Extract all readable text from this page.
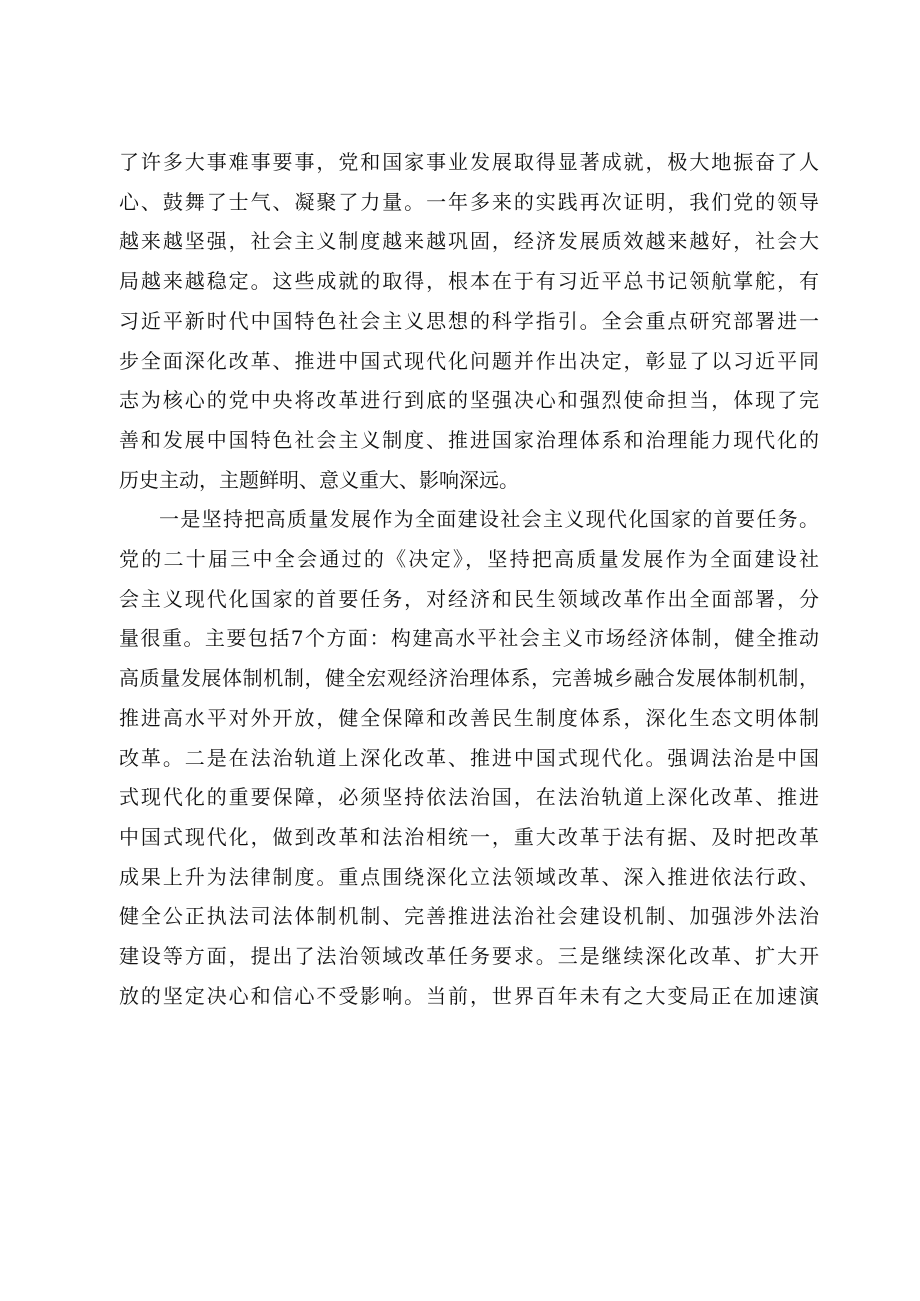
了许多大事难事要事，党和国家事业发展取得显著成就，极大地振奋了人
心、鼓舞了士气、凝聚了力量。一年多来的实践再次证明，我们党的领导
越来越坚强，社会主义制度越来越巩固，经济发展质效越来越好，社会大
局越来越稳定。这些成就的取得，根本在于有习近平总书记领航掌舵，有
习近平新时代中国特色社会主义思想的科学指引。全会重点研究部署进一
步全面深化改革、推进中国式现代化问题并作出决定，彰显了以习近平同
志为核心的党中央将改革进行到底的坚强决心和强烈使命担当，体现了完
善和发展中国特色社会主义制度、推进国家治理体系和治理能力现代化的
历史主动，主题鲜明、意义重大、影响深远。

一是坚持把高质量发展作为全面建设社会主义现代化国家的首要任务。
党的二十届三中全会通过的《决定》，坚持把高质量发展作为全面建设社
会主义现代化国家的首要任务，对经济和民生领域改革作出全面部署，分
量很重。主要包括7个方面：构建高水平社会主义市场经济体制，健全推动
高质量发展体制机制，健全宏观经济治理体系，完善城乡融合发展体制机制，
推进高水平对外开放，健全保障和改善民生制度体系，深化生态文明体制
改革。二是在法治轨道上深化改革、推进中国式现代化。强调法治是中国
式现代化的重要保障，必须坚持依法治国，在法治轨道上深化改革、推进
中国式现代化，做到改革和法治相统一，重大改革于法有据、及时把改革
成果上升为法律制度。重点围绕深化立法领域改革、深入推进依法行政、
健全公正执法司法体制机制、完善推进法治社会建设机制、加强涉外法治
建设等方面，提出了法治领域改革任务要求。三是继续深化改革、扩大开
放的坚定决心和信心不受影响。当前，世界百年未有之大变局正在加速演
